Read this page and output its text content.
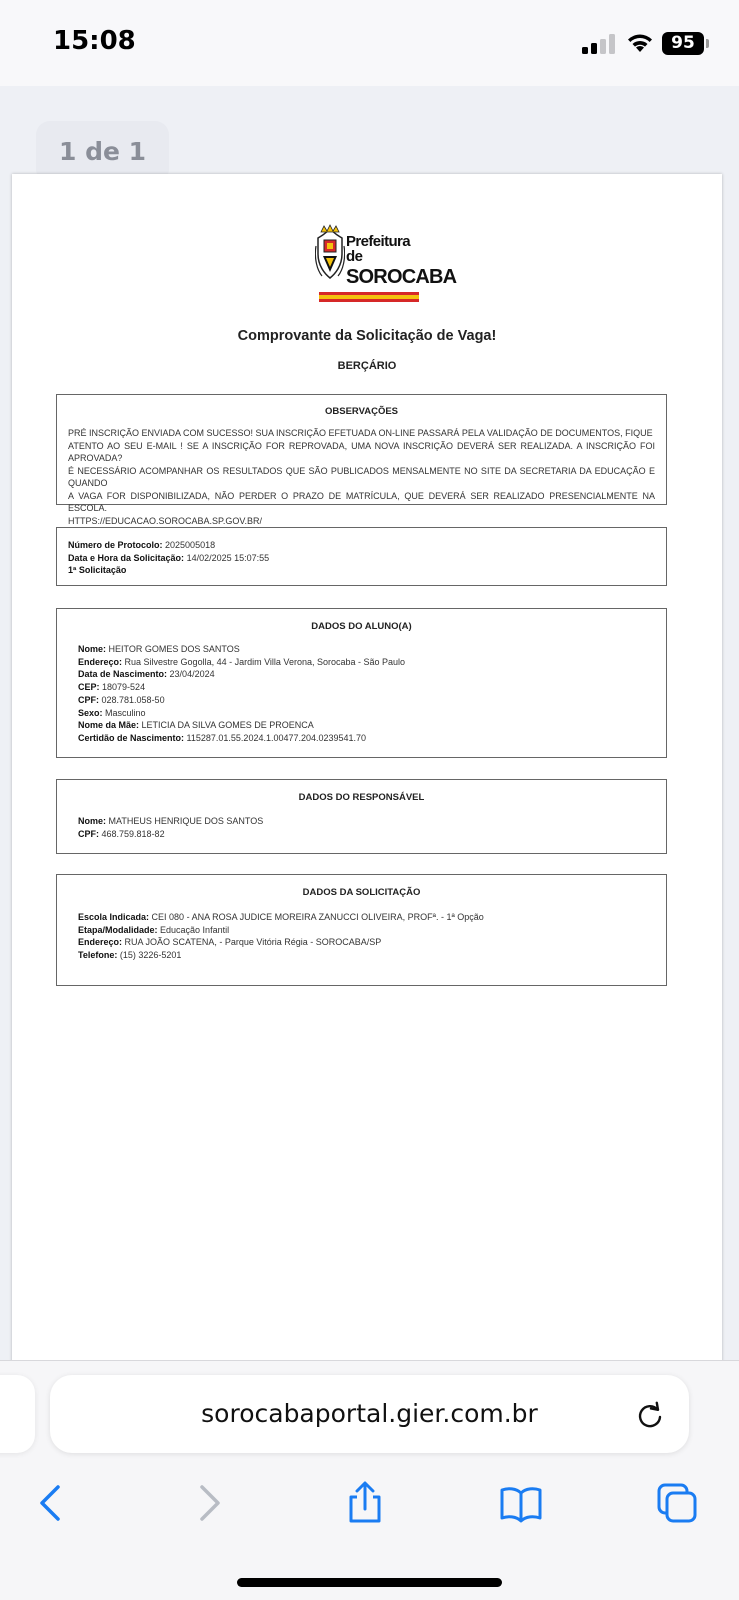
15:08	95
1 de 1
Prefeitura de
SOROCABA
Comprovante da Solicitação de Vaga!
BERÇÁRIO
OBSERVAÇÕES
PRÉ INSCRIÇÃO ENVIADA COM SUCESSO! SUA INSCRIÇÃO EFETUADA ON-LINE PASSARÁ PELA VALIDAÇÃO DE DOCUMENTOS, FIQUE
ATENTO AO SEU E-MAIL ! SE A INSCRIÇÃO FOR REPROVADA, UMA NOVA INSCRIÇÃO DEVERÁ SER REALIZADA. A INSCRIÇÃO FOI APROVADA?
É NECESSÁRIO ACOMPANHAR OS RESULTADOS QUE SÃO PUBLICADOS MENSALMENTE NO SITE DA SECRETARIA DA EDUCAÇÃO E QUANDO
A VAGA FOR DISPONIBILIZADA, NÃO PERDER O PRAZO DE MATRÍCULA, QUE DEVERÁ SER REALIZADO PRESENCIALMENTE NA ESCOLA.
HTTPS://EDUCACAO.SOROCABA.SP.GOV.BR/
Número de Protocolo: 2025005018
Data e Hora da Solicitação: 14/02/2025 15:07:55
1ª Solicitação
DADOS DO ALUNO(A)
Nome: HEITOR GOMES DOS SANTOS
Endereço: Rua Silvestre Gogolla, 44 - Jardim Villa Verona, Sorocaba - São Paulo
Data de Nascimento: 23/04/2024
CEP: 18079-524
CPF: 028.781.058-50
Sexo: Masculino
Nome da Mãe: LETICIA DA SILVA GOMES DE PROENCA
Certidão de Nascimento: 115287.01.55.2024.1.00477.204.0239541.70
DADOS DO RESPONSÁVEL
Nome: MATHEUS HENRIQUE DOS SANTOS
CPF: 468.759.818-82
DADOS DA SOLICITAÇÃO
Escola Indicada: CEI 080 - ANA ROSA JUDICE MOREIRA ZANUCCI OLIVEIRA, PROFª. - 1ª Opção
Etapa/Modalidade: Educação Infantil
Endereço: RUA JOÃO SCATENA, - Parque Vitória Régia - SOROCABA/SP
Telefone: (15) 3226-5201
sorocabaportal.gier.com.br
